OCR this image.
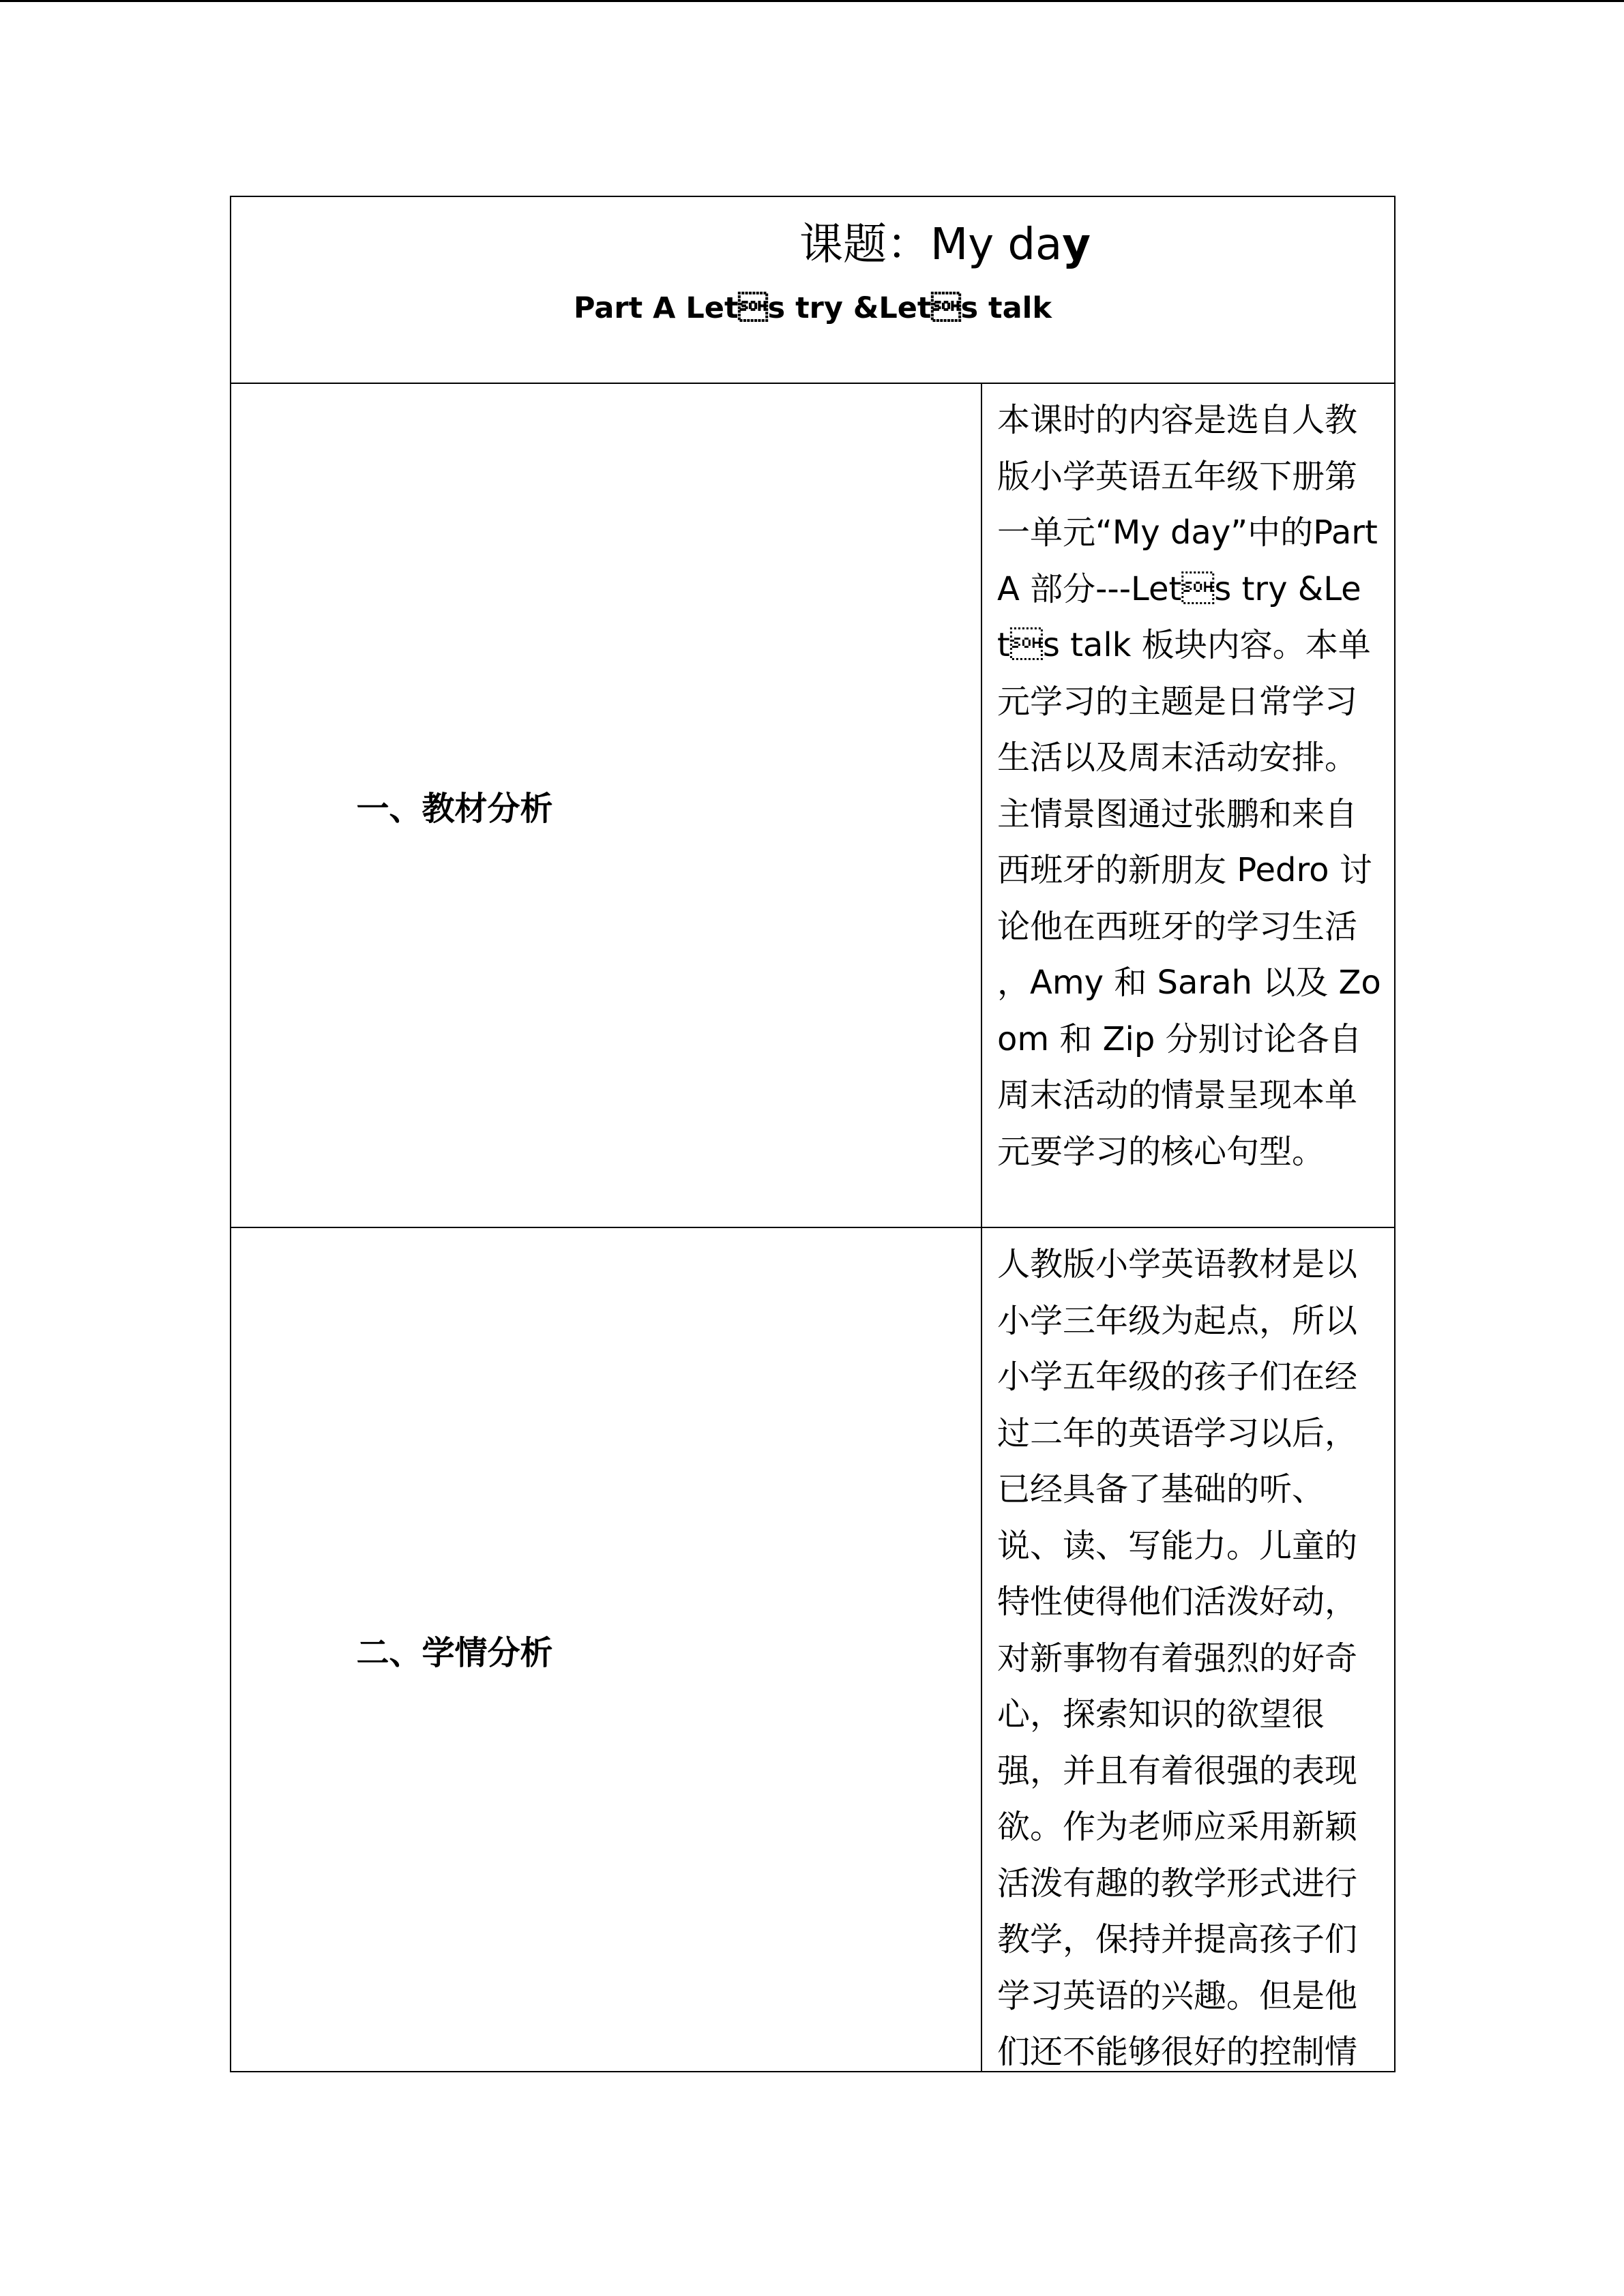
课题：My day
Part A Lets try &Lets talk	

一、教材分析	本课时的内容是选自人教版小学英语五年级下册第一单元“My day”中的Part A 部分---Lets try &Lets talk 板块内容。本单元学习的主题是日常学习生活以及周末活动安排。主情景图通过张鹏和来自西班牙的新朋友 Pedro 讨论他在西班牙的学习生活 ，Amy 和 Sarah 以及 Zoom 和 Zip 分别讨论各自周末活动的情景呈现本单元要学习的核心句型。

二、学情分析	人教版小学英语教材是以小学三年级为起点，所以小学五年级的孩子们在经过二年的英语学习以后，已经具备了基础的听、说、读、写能力。儿童的特性使得他们活泼好动，对新事物有着强烈的好奇心，探索知识的欲望很强，并且有着很强的表现欲。作为老师应采用新颖活泼有趣的教学形式进行教学，保持并提高孩子们学习英语的兴趣。但是他们还不能够很好的控制情
